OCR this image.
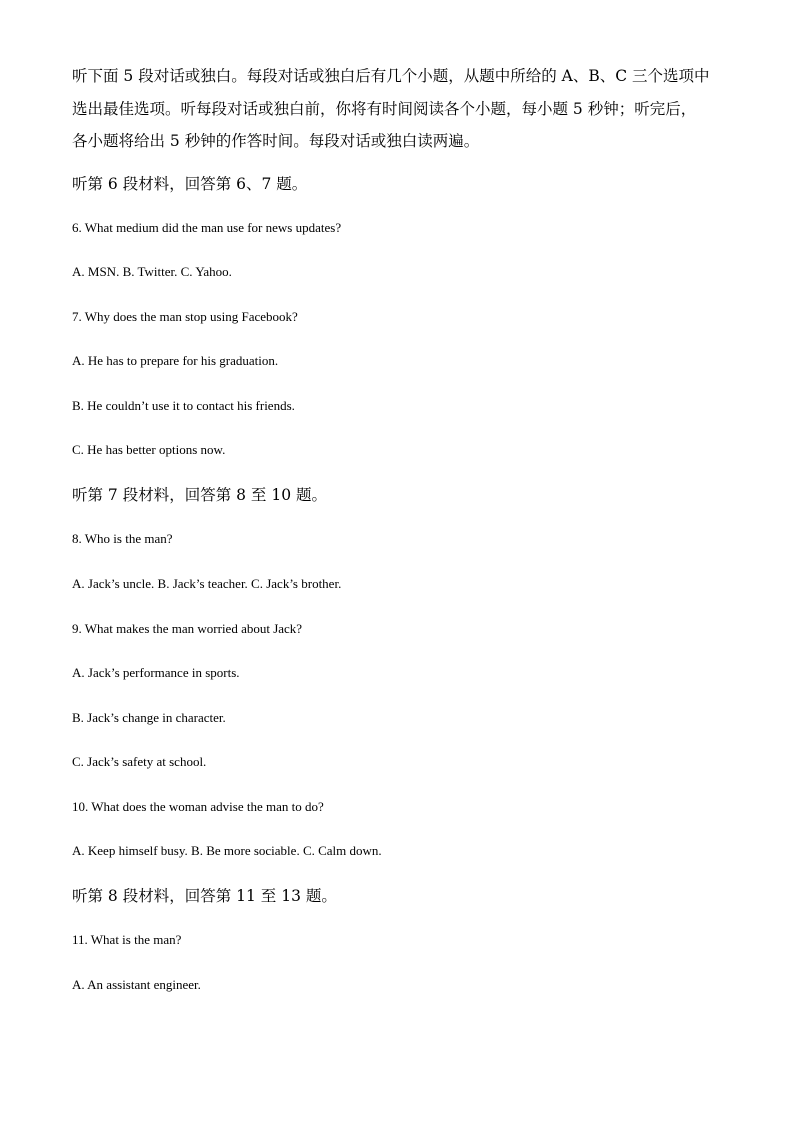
听下面 5 段对话或独白。每段对话或独白后有几个小题，从题中所给的 A、B、C 三个选项中
选出最佳选项。听每段对话或独白前，你将有时间阅读各个小题，每小题 5 秒钟；听完后，
各小题将给出 5 秒钟的作答时间。每段对话或独白读两遍。
听第 6 段材料，回答第 6、7 题。
6. What medium did the man use for news updates?
A. MSN. B. Twitter. C. Yahoo.
7. Why does the man stop using Facebook?
A. He has to prepare for his graduation.
B. He couldn’t use it to contact his friends.
C. He has better options now.
听第 7 段材料，回答第 8 至 10 题。
8. Who is the man?
A. Jack’s uncle. B. Jack’s teacher. C. Jack’s brother.
9. What makes the man worried about Jack?
A. Jack’s performance in sports.
B. Jack’s change in character.
C. Jack’s safety at school.
10. What does the woman advise the man to do?
A. Keep himself busy. B. Be more sociable. C. Calm down.
听第 8 段材料，回答第 11 至 13 题。
11. What is the man?
A. An assistant engineer.
